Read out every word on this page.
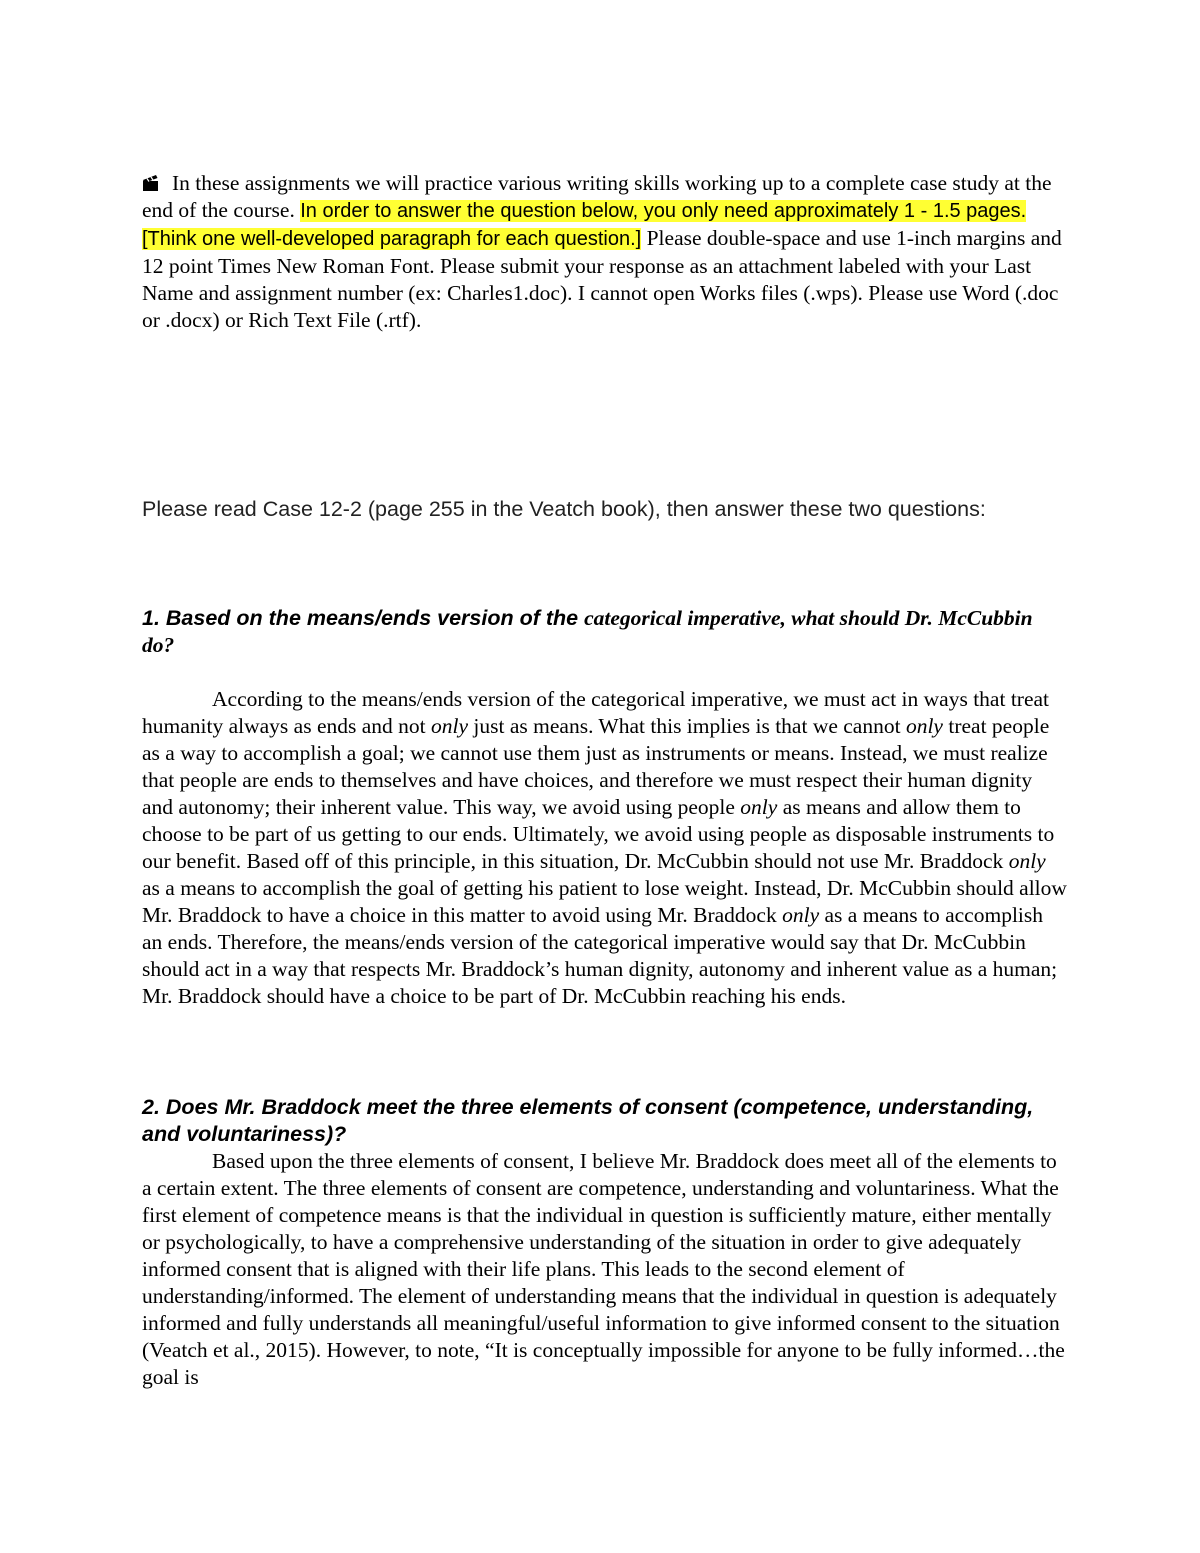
In these assignments we will practice various writing skills working up to a complete case study at the end of the course. In order to answer the question below, you only need approximately 1 - 1.5 pages. [Think one well-developed paragraph for each question.] Please double-space and use 1-inch margins and 12 point Times New Roman Font. Please submit your response as an attachment labeled with your Last Name and assignment number (ex: Charles1.doc). I cannot open Works files (.wps). Please use Word (.doc or .docx) or Rich Text File (.rtf).
Please read Case 12-2 (page 255 in the Veatch book), then answer these two questions:
1. Based on the means/ends version of the categorical imperative, what should Dr. McCubbin do?
According to the means/ends version of the categorical imperative, we must act in ways that treat humanity always as ends and not only just as means. What this implies is that we cannot only treat people as a way to accomplish a goal; we cannot use them just as instruments or means. Instead, we must realize that people are ends to themselves and have choices, and therefore we must respect their human dignity and autonomy; their inherent value. This way, we avoid using people only as means and allow them to choose to be part of us getting to our ends. Ultimately, we avoid using people as disposable instruments to our benefit. Based off of this principle, in this situation, Dr. McCubbin should not use Mr. Braddock only as a means to accomplish the goal of getting his patient to lose weight. Instead, Dr. McCubbin should allow Mr. Braddock to have a choice in this matter to avoid using Mr. Braddock only as a means to accomplish an ends. Therefore, the means/ends version of the categorical imperative would say that Dr. McCubbin should act in a way that respects Mr. Braddock’s human dignity, autonomy and inherent value as a human; Mr. Braddock should have a choice to be part of Dr. McCubbin reaching his ends.
2. Does Mr. Braddock meet the three elements of consent (competence, understanding, and voluntariness)?
Based upon the three elements of consent, I believe Mr. Braddock does meet all of the elements to a certain extent. The three elements of consent are competence, understanding and voluntariness. What the first element of competence means is that the individual in question is sufficiently mature, either mentally or psychologically, to have a comprehensive understanding of the situation in order to give adequately informed consent that is aligned with their life plans. This leads to the second element of understanding/informed. The element of understanding means that the individual in question is adequately informed and fully understands all meaningful/useful information to give informed consent to the situation (Veatch et al., 2015). However, to note, “It is conceptually impossible for anyone to be fully informed…the goal is
